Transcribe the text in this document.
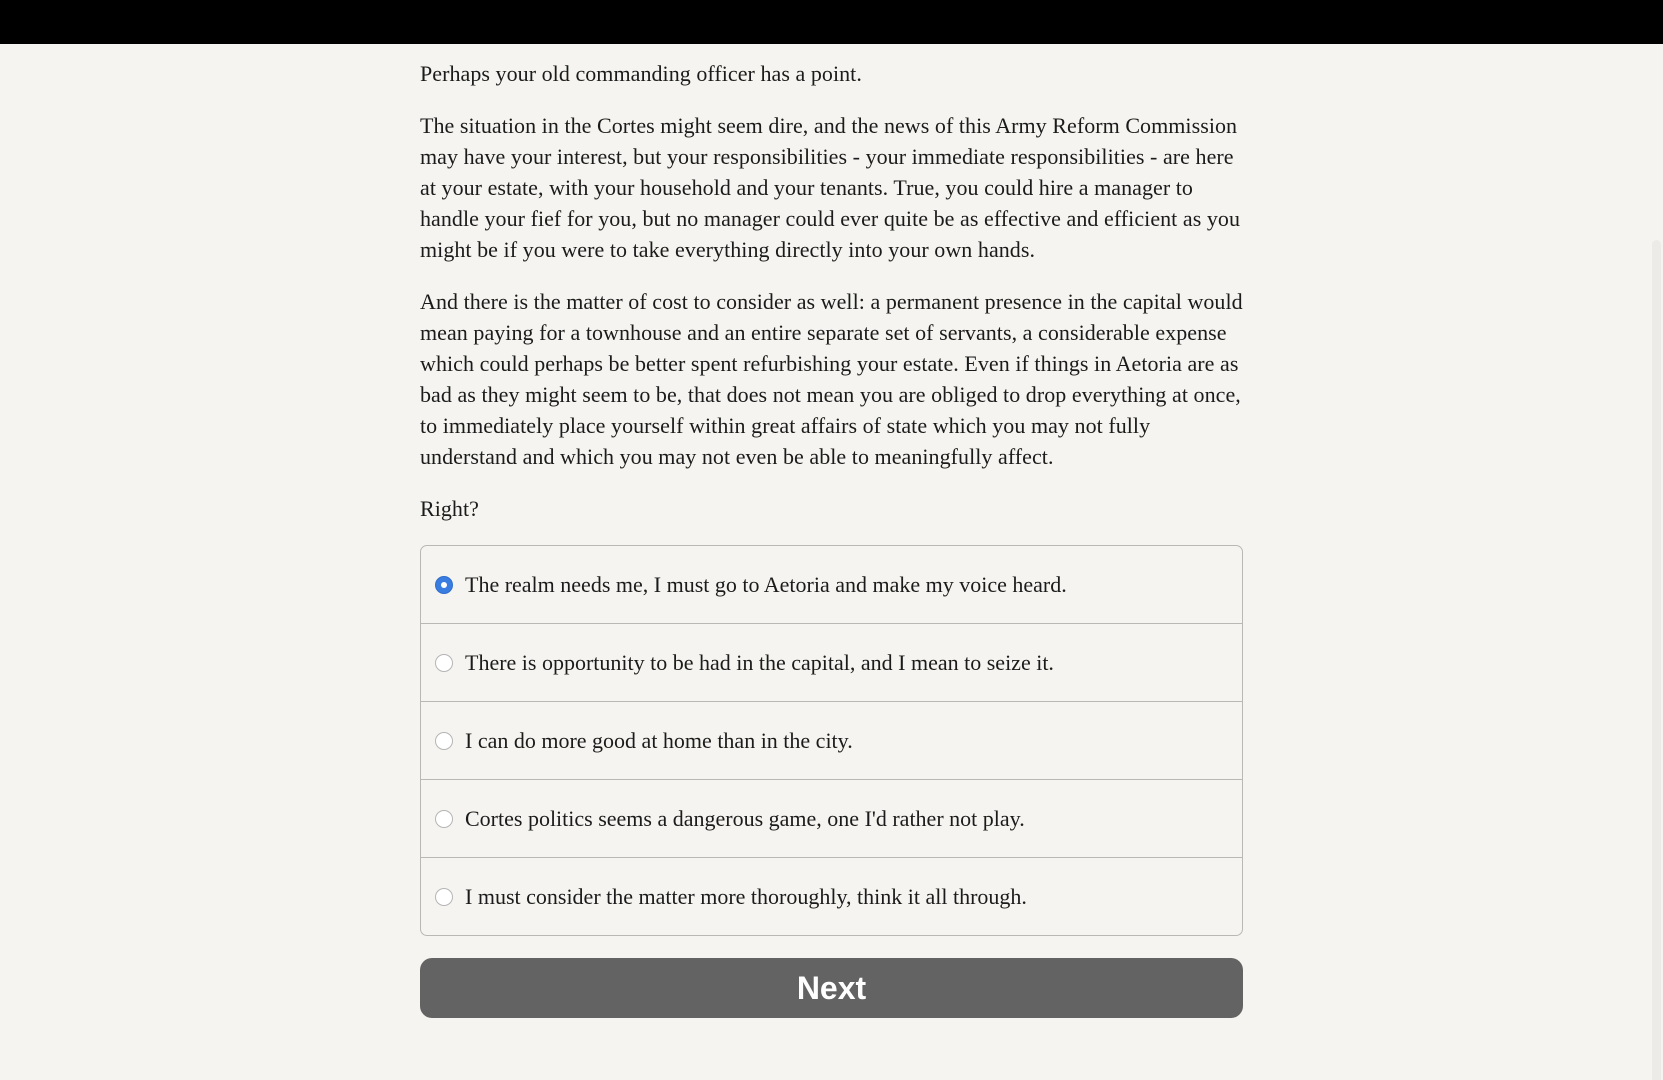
Perhaps your old commanding officer has a point.

The situation in the Cortes might seem dire, and the news of this Army Reform Commission may have your interest, but your responsibilities - your immediate responsibilities - are here at your estate, with your household and your tenants. True, you could hire a manager to handle your fief for you, but no manager could ever quite be as effective and efficient as you might be if you were to take everything directly into your own hands.

And there is the matter of cost to consider as well: a permanent presence in the capital would mean paying for a townhouse and an entire separate set of servants, a considerable expense which could perhaps be better spent refurbishing your estate. Even if things in Aetoria are as bad as they might seem to be, that does not mean you are obliged to drop everything at once, to immediately place yourself within great affairs of state which you may not fully understand and which you may not even be able to meaningfully affect.

Right?

The realm needs me, I must go to Aetoria and make my voice heard.
There is opportunity to be had in the capital, and I mean to seize it.
I can do more good at home than in the city.
Cortes politics seems a dangerous game, one I'd rather not play.
I must consider the matter more thoroughly, think it all through.
Next
